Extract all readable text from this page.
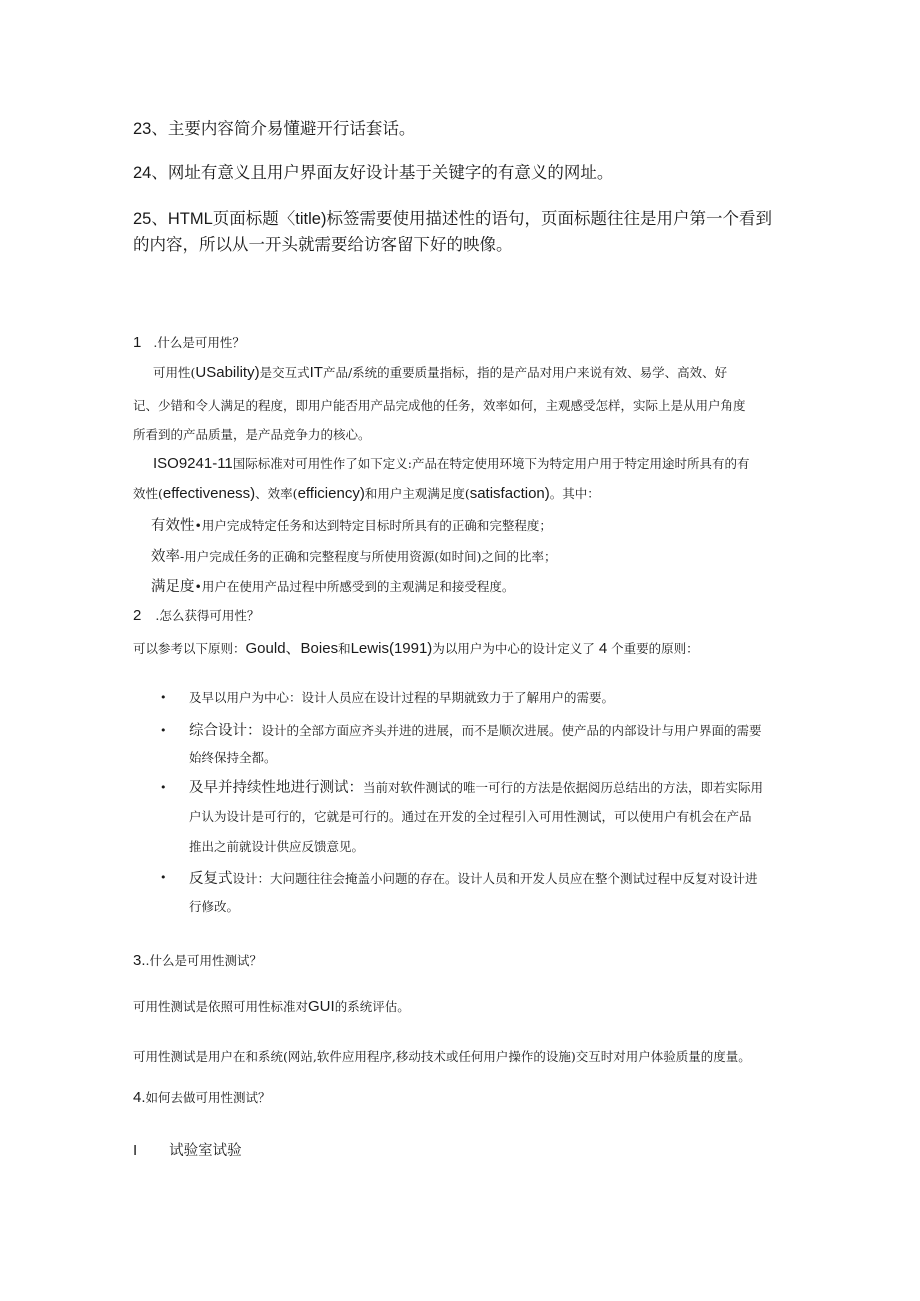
23、主要内容简介易懂避开行话套话。
24、网址有意义且用户界面友好设计基于关键字的有意义的网址。
25、HTML页面标题〈title)标签需要使用描述性的语句，页面标题往往是用户第一个看到
的内容，所以从一开头就需要给访客留下好的映像。
1 .什么是可用性？
可用性(USability)是交互式IT产品/系统的重要质量指标，指的是产品对用户来说有效、易学、高效、好
记、少错和令人满足的程度，即用户能否用产品完成他的任务，效率如何，主观感受怎样，实际上是从用户角度
所看到的产品质量，是产品竞争力的核心。
ISO9241-11国际标准对可用性作了如下定义:产品在特定使用环境下为特定用户用于特定用途时所具有的有
效性(effectiveness)、效率(efficiency)和用户主观满足度(satisfaction)。其中：
有效性•用户完成特定任务和达到特定目标时所具有的正确和完整程度；
效率-用户完成任务的正确和完整程度与所使用资源(如时间)之间的比率；
满足度•用户在使用产品过程中所感受到的主观满足和接受程度。
2 .怎么获得可用性？
可以参考以下原则：Gould、Boies和Lewis(1991)为以用户为中心的设计定义了 4 个重要的原则：
• 及早以用户为中心：设计人员应在设计过程的早期就致力于了解用户的需要。
• 综合设计：设计的全部方面应齐头并进的进展，而不是顺次进展。使产品的内部设计与用户界面的需要
始终保持全都。
• 及早并持续性地进行测试：当前对软件测试的唯一可行的方法是依据阅历总结出的方法，即若实际用
户认为设计是可行的，它就是可行的。通过在开发的全过程引入可用性测试，可以使用户有机会在产品
推出之前就设计供应反馈意见。
• 反复式设计：大问题往往会掩盖小问题的存在。设计人员和开发人员应在整个测试过程中反复对设计进
行修改。
3..什么是可用性测试？
可用性测试是依照可用性标准对GUI的系统评估。
可用性测试是用户在和系统(网站,软件应用程序,移动技术或任何用户操作的设施)交互时对用户体验质量的度量。
4.如何去做可用性测试？
I 试验室试验
